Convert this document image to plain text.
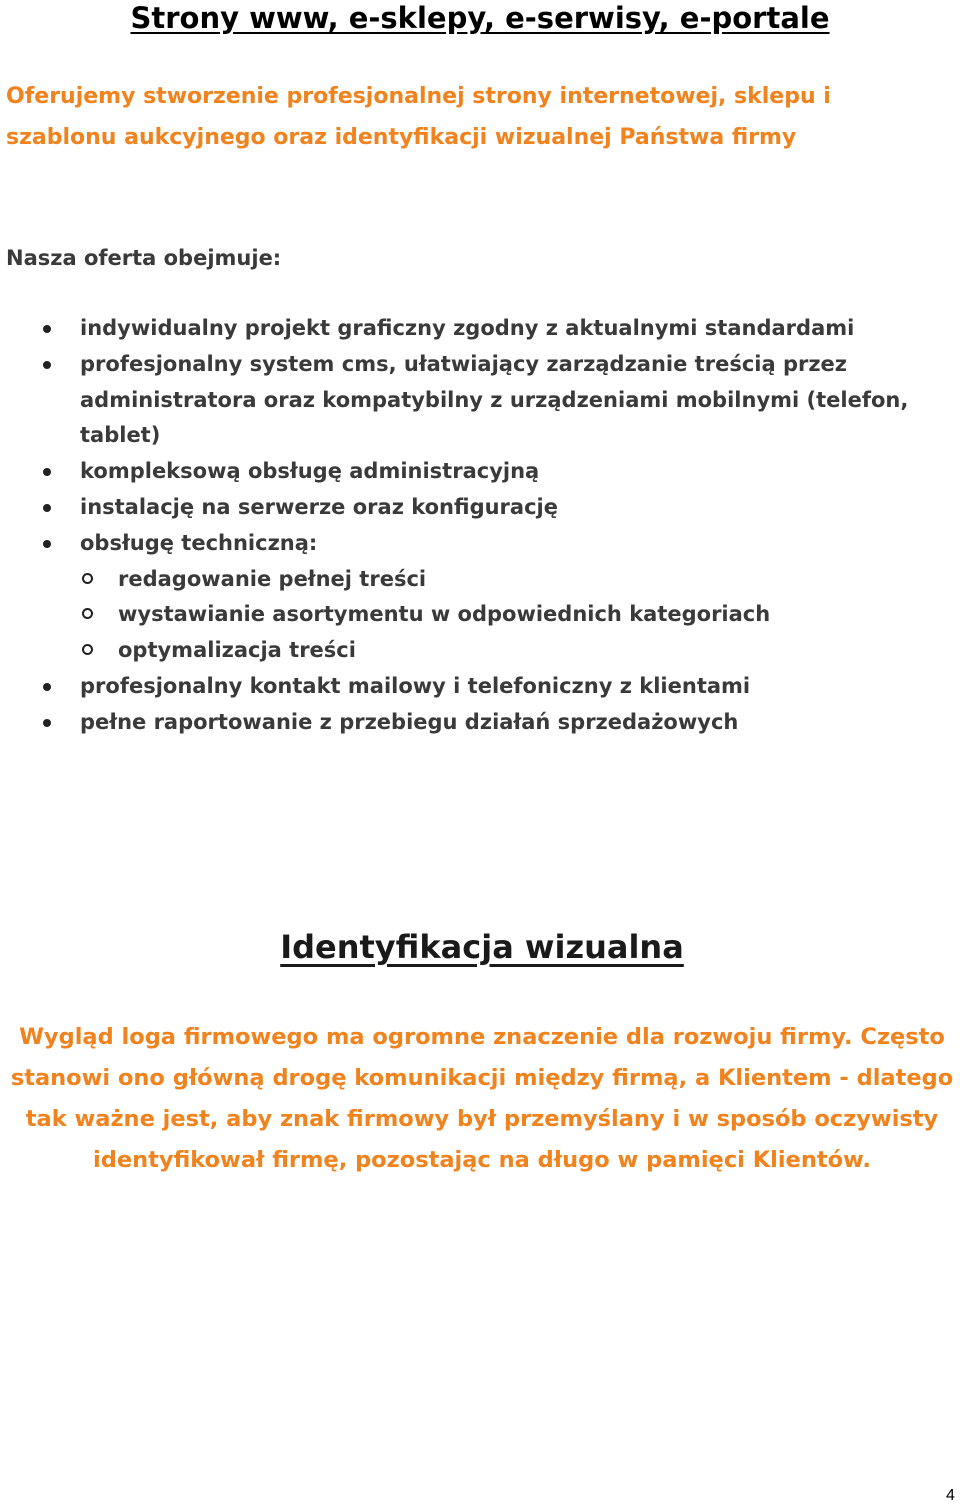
Strony www, e-sklepy, e-serwisy, e-portale

Oferujemy stworzenie profesjonalnej strony internetowej, sklepu i szablonu aukcyjnego oraz identyfikacji wizualnej Państwa firmy

Nasza oferta obejmuje:

indywidualny projekt graficzny zgodny z aktualnymi standardami
profesjonalny system cms, ułatwiający zarządzanie treścią przez administratora oraz kompatybilny z urządzeniami mobilnymi (telefon, tablet)
kompleksową obsługę administracyjną
instalację na serwerze oraz konfigurację
obsługę techniczną:
redagowanie pełnej treści
wystawianie asortymentu w odpowiednich kategoriach
optymalizacja treści
profesjonalny kontakt mailowy i telefoniczny z klientami
pełne raportowanie z przebiegu działań sprzedażowych
Identyfikacja wizualna

Wygląd loga firmowego ma ogromne znaczenie dla rozwoju firmy. Często stanowi ono główną drogę komunikacji między firmą, a Klientem - dlatego tak ważne jest, aby znak firmowy był przemyślany i w sposób oczywisty identyfikował firmę, pozostając na długo w pamięci Klientów.

4
